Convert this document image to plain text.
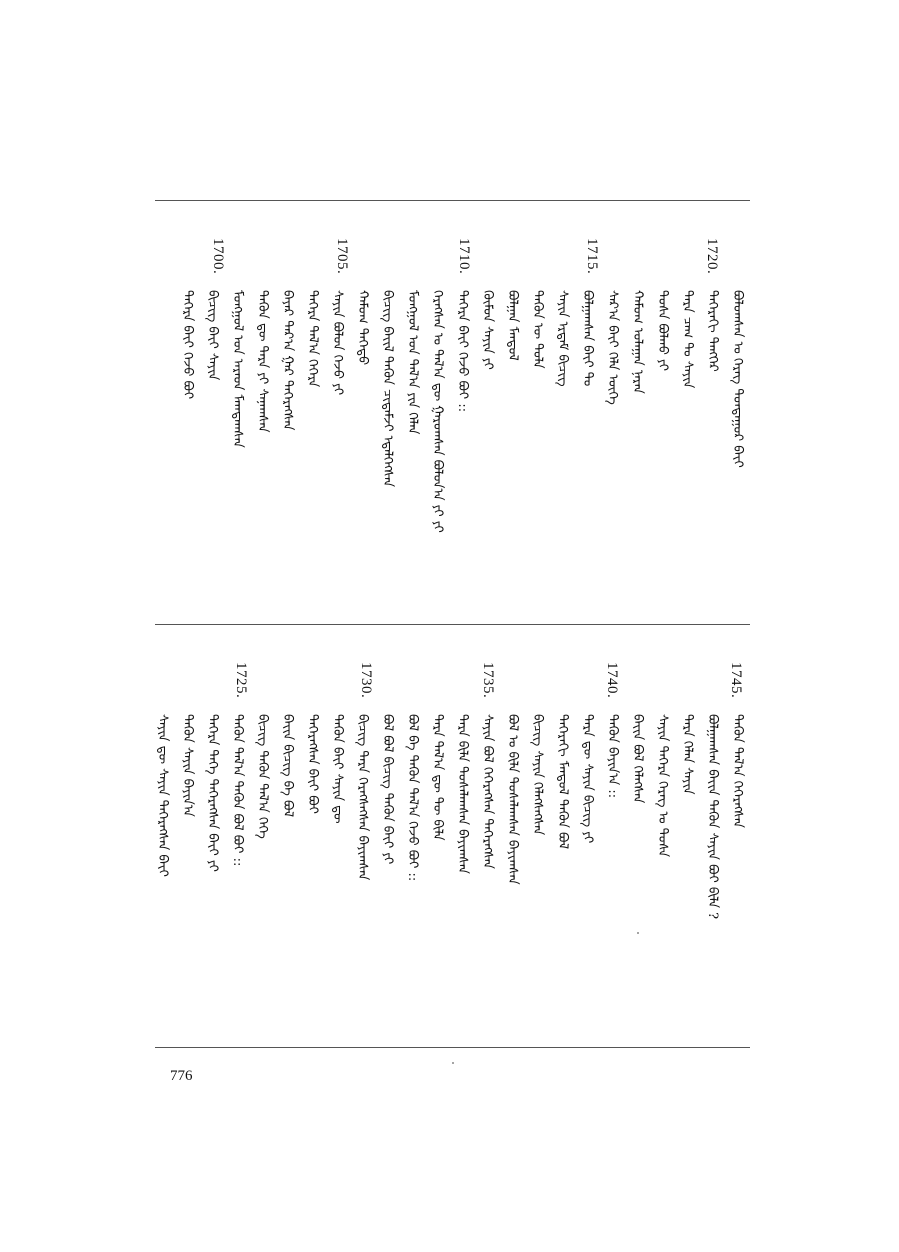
1720.
1715.
1710.
1705.
1700.
ᠪᠤᠯᠤᠭᠰᠠᠨ ᠤ ᠬᠡᠷᠡᠭ ᠳᠤᠨᠳᠠᠭᠤᠷ ᠪᠠᠶ᠋ᠢ
ᠳᠡᠭᠡᠷᠡᠬᠢ ᠲᠡᠩᠭᠡᠷ
ᠲᠡᠷᠡ ᠴᠠᠭ ᠲᠤ ᠰᠠᠶᠢᠨ
ᠲᠤᠰᠠ ᠪᠣᠯᠬᠤ ᠶᠢ
ᠬᠠᠮᠤᠭ ᠤᠯᠠᠭᠠᠨ ᠨᠠᠷᠠᠨ
ᠰᠠᠷ᠎ᠠ ᠪᠠᠶ᠋ᠢ ᠬᠡᠯᠡ ᠦᠭᠡ
ᠪᠣᠯᠭᠠᠭᠰᠠᠨ ᠪᠠᠶ᠋ᠢ ᠲᠤ
ᠰᠠᠶᠢᠨ ᠡᠷᠳᠡᠮ ᠪᠢᠴᠢᠭ
ᠲᠡᠭᠦᠨ ᠦ ᠲᠤᠯᠠ
ᠪᠤᠯᠭᠠᠨ ᠮᠠᠨᠳᠤᠯ
ᠬᠦᠮᠦᠨ ᠰᠠᠶᠢᠨ ᠶᠢ
ᠲᠡᠭᠡᠷᠡ ᠪᠠᠶ᠋ᠢ ᠭᠡᠵᠦ ᠪᠤᠢ ::
ᠬᠡᠷᠡᠭᠰᠡᠨ ᠤ ᠲᠠᠯ᠎ᠠ ᠳᠦ ᠭᠠᠷᠤᠭᠰᠠᠨ ᠪᠣᠯᠤᠨ᠎ᠠ ᠶᠢ ᠶᠢ
ᠮᠣᠩᠭᠣᠯ ᠤᠨ ᠲᠠᠯ᠎ᠠ ᠶᠢᠨ ᠬᠡᠯᠡᠨ
ᠪᠢᠴᠢᠭ ᠪᠠᠶ᠋ᠢᠯ ᠲᠡᠭᠦᠨ ᠴᠢᠳᠠᠮᠵᠢ ᠡᠳ᠋ᠡᠯᠭᠡᠭᠰᠡᠨ
ᠬᠠᠮᠤᠭ ᠳᠡᠭᠡᠳᠦ
ᠰᠠᠶᠢᠨ ᠪᠣᠯᠤᠨ ᠭᠡᠵᠦ ᠶᠢ
ᠳᠡᠭᠡᠷᠡ ᠲᠠᠯ᠎ᠠ ᠬᠡᠭᠡᠷᠡ
ᠪᠠᠶᠠᠷ ᠲᠠᠷ᠎ᠠ ᠭᠠᠷ ᠲᠡᠭᠡᠷᠡᠭᠰᠡᠨ
ᠲᠡᠭᠦᠨ ᠳᠦ ᠲᠡᠷᠡ ᠶᠢ ᠰᠠᠨᠠᠭᠰᠠᠨ
ᠮᠣᠩᠭᠣᠯ ᠤᠨ ᠠᠷᠠᠳ ᠮᠠᠭᠲᠠᠭᠰᠠᠨ
ᠪᠢᠴᠢᠭ ᠪᠠᠶ᠋ᠢ ᠰᠠᠶᠢᠨ
ᠲᠡᠭᠡᠷᠡ ᠪᠠᠶ᠋ᠢ ᠭᠡᠵᠦ ᠪᠤᠢ
1745.
1740.
1735.
1730.
1725.
ᠲᠡᠭᠦᠨ ᠲᠠᠯ᠎ᠠ ᠬᠡᠭᠡᠷᠡᠭᠰᠡᠨ
ᠪᠤᠯᠭᠠᠭᠰᠠᠨ ᠪᠠᠶ᠋ᠢᠨ ᠲᠡᠭᠦᠨ ᠰᠠᠶᠢᠨ ᠪᠤᠢ ᠪᠢᠯᠡ ?
ᠲᠡᠷᠡ ᠬᠡᠯᠡᠨ ᠰᠠᠶᠢᠨ
ᠰᠠᠶᠢᠨ ᠳᠡᠭᠡᠷᠡ ᠬᠡᠷᠡᠭ ᠤ ᠲᠤᠰᠠ
ᠪᠠᠶ᠋ᠢᠨ ᠪᠣᠯ ᠬᠡᠯᠡᠭᠰᠡᠨ
ᠲᠡᠭᠦᠨ ᠪᠠᠶᠢᠨ᠎ᠠ ::
ᠲᠡᠷᠡ ᠳᠦ ᠰᠠᠶᠢᠨ ᠪᠢᠴᠢᠭ ᠶᠢ
ᠲᠡᠭᠡᠷᠡᠬᠢ ᠮᠠᠨᠳᠤᠯ ᠲᠡᠭᠦᠨ ᠪᠣᠯ
ᠪᠢᠴᠢᠭ ᠰᠠᠶᠢᠨ ᠬᠡᠯᠡᠭᠰᠡᠭᠰᠡᠨ
ᠪᠣᠯ ᠤ ᠪᠢᠯᠡ ᠲᠤᠰᠠᠯᠠᠭᠰᠠᠨ ᠪᠠᠶᠢᠭᠰᠠᠨ
ᠰᠠᠶᠢᠨ ᠪᠣᠯ ᠬᠡᠭᠡᠷᠡᠭᠰᠡᠨ ᠲᠡᠭᠡᠷᠡᠭᠰᠡᠨ
ᠲᠡᠷᠡ ᠪᠢᠯᠡ ᠲᠤᠰᠠᠯᠠᠭᠰᠠᠨ ᠪᠠᠶᠢᠭᠰᠠᠨ
ᠲᠡᠷᠡ ᠲᠠᠯ᠎ᠠ ᠳᠦ ᠲᠦ ᠪᠢᠯᠡ
ᠪᠣᠯ ᠪᠡ ᠲᠡᠭᠦᠨ ᠲᠠᠯ᠎ᠠ ᠭᠡᠵᠦ ᠪᠤᠢ ::
ᠪᠣᠯ ᠪᠣᠯ ᠪᠢᠴᠢᠭ ᠲᠡᠭᠦᠨ ᠪᠠᠶ᠋ᠢ ᠶᠢ
ᠪᠢᠴᠢᠭ ᠲᠡᠷᠡ ᠬᠡᠷᠡᠭᠰᠡᠭᠰᠡᠨ ᠪᠠᠶᠢᠭᠰᠠᠨ
ᠲᠡᠭᠦᠨ ᠪᠠᠶ᠋ᠢ ᠰᠠᠶᠢᠨ ᠳᠦ
ᠲᠡᠭᠡᠷᠡᠭᠰᠡᠨ ᠪᠠᠶ᠋ᠢ ᠪᠤᠢ
ᠪᠠᠶ᠋ᠢᠨ ᠪᠢᠴᠢᠭ ᠪᠡ ᠪᠣᠯ
ᠪᠢᠴᠢᠭ ᠲᠡᠭᠦᠨ ᠲᠠᠯ᠎ᠠ ᠬᠡᠭᠡ
ᠲᠡᠭᠦᠨ ᠲᠠᠯ᠎ᠠ ᠲᠡᠭᠦᠨ ᠪᠣᠯ ᠪᠤᠢ ::
ᠲᠡᠭᠡᠷᠡ ᠲᠡᠭᠡ ᠲᠡᠭᠡᠷᠡᠭᠰᠡᠨ ᠪᠠᠶ᠋ᠢ ᠶᠢ
ᠲᠡᠭᠦᠨ ᠰᠠᠶᠢᠨ ᠪᠠᠶᠢᠨ᠎ᠠ
ᠰᠠᠶᠢᠨ ᠳᠦ ᠰᠠᠶᠢᠨ ᠲᠡᠭᠡᠷᠡᠭᠰᠡᠨ ᠪᠠᠶ᠋ᠢ
776
